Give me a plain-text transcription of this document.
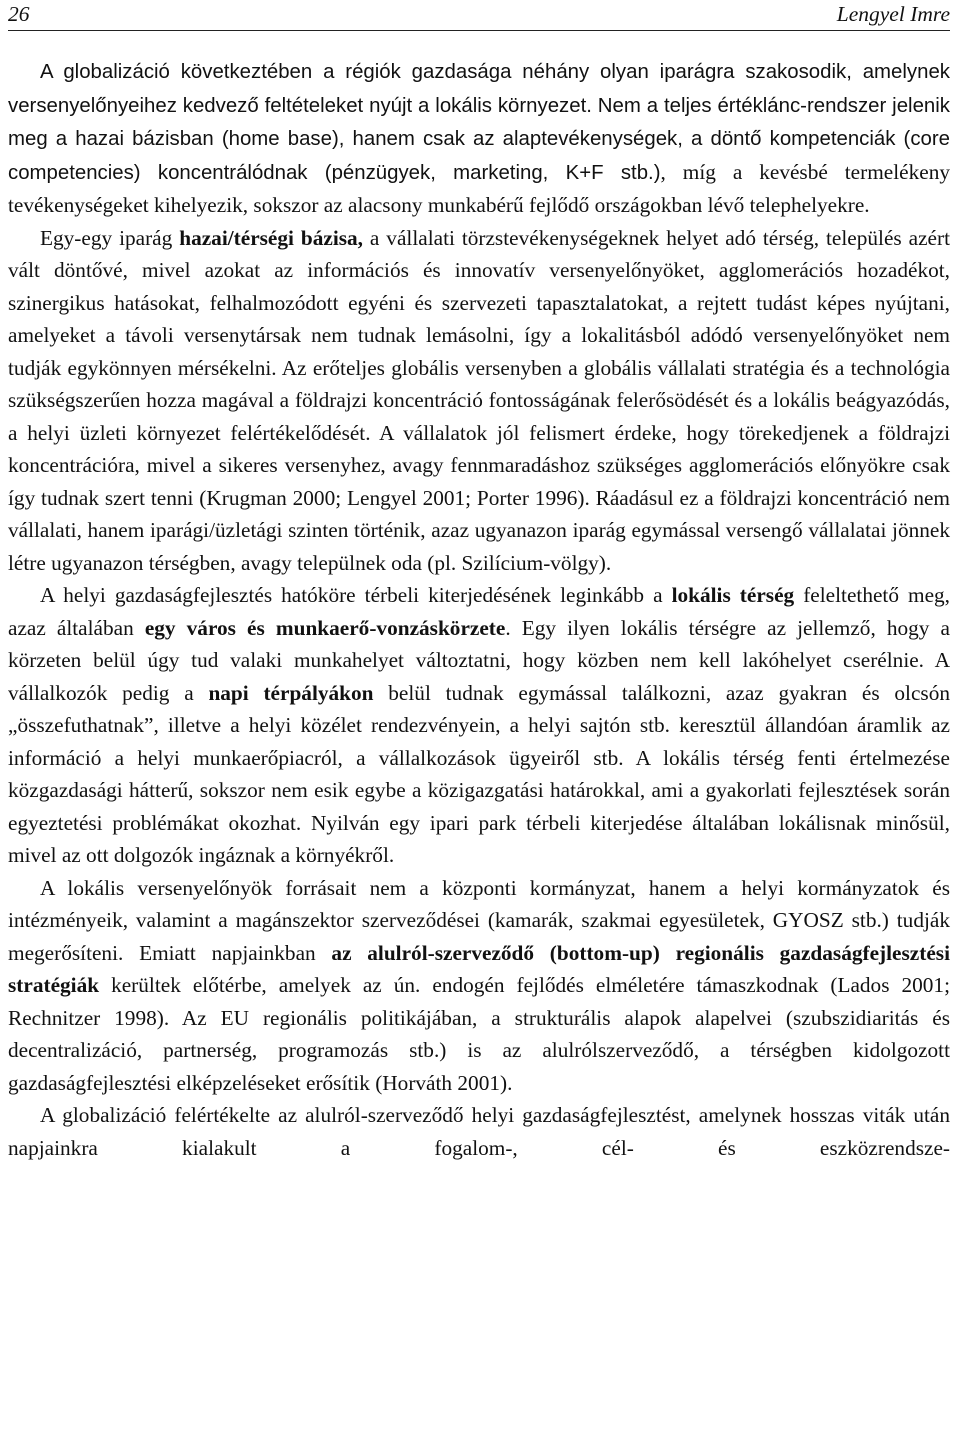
26	Lengyel Imre

A globalizáció következtében a régiók gazdasága néhány olyan iparágra szakosodik, amelynek versenyelőnyeihez kedvező feltételeket nyújt a lokális környezet. Nem a teljes értéklánc-rendszer jelenik meg a hazai bázisban (home base), hanem csak az alaptevékenységek, a döntő kompetenciák (core competencies) koncentrálódnak (pénzügyek, marketing, K+F stb.), míg a kevésbé termelékeny tevékenységeket kihelyezik, sokszor az alacsony munkabérű fejlődő országokban lévő telephelyekre.

Egy-egy iparág hazai/térségi bázisa, a vállalati törzstevékenységeknek helyet adó térség, település azért vált döntővé, mivel azokat az információs és innovatív versenyelőnyöket, agglomerációs hozadékot, szinergikus hatásokat, felhalmozódott egyéni és szervezeti tapasztalatokat, a rejtett tudást képes nyújtani, amelyeket a távoli versenytársak nem tudnak lemásolni, így a lokalitásból adódó versenyelőnyöket nem tudják egykönnyen mérsékelni. Az erőteljes globális versenyben a globális vállalati stratégia és a technológia szükségszerűen hozza magával a földrajzi koncentráció fontosságának felerősödését és a lokális beágyazódás, a helyi üzleti környezet felértékelődését. A vállalatok jól felismert érdeke, hogy törekedjenek a földrajzi koncentrációra, mivel a sikeres versenyhez, avagy fennmaradáshoz szükséges agglomerációs előnyökre csak így tudnak szert tenni (Krugman 2000; Lengyel 2001; Porter 1996). Ráadásul ez a földrajzi koncentráció nem vállalati, hanem iparági/üzletági szinten történik, azaz ugyanazon iparág egymással versengő vállalatai jönnek létre ugyanazon térségben, avagy települnek oda (pl. Szilícium-völgy).

A helyi gazdaságfejlesztés hatóköre térbeli kiterjedésének leginkább a lokális térség feleltethető meg, azaz általában egy város és munkaerő-vonzáskörzete. Egy ilyen lokális térségre az jellemző, hogy a körzeten belül úgy tud valaki munkahelyet változtatni, hogy közben nem kell lakóhelyet cserélnie. A vállalkozók pedig a napi térpályákon belül tudnak egymással találkozni, azaz gyakran és olcsón „összefuthatnak”, illetve a helyi közélet rendezvényein, a helyi sajtón stb. keresztül állandóan áramlik az információ a helyi munkaerőpiacról, a vállalkozások ügyeiről stb. A lokális térség fenti értelmezése közgazdasági hátterű, sokszor nem esik egybe a közigazgatási határokkal, ami a gyakorlati fejlesztések során egyeztetési problémákat okozhat. Nyilván egy ipari park térbeli kiterjedése általában lokálisnak minősül, mivel az ott dolgozók ingáznak a környékről.

A lokális versenyelőnyök forrásait nem a központi kormányzat, hanem a helyi kormányzatok és intézményeik, valamint a magánszektor szerveződései (kamarák, szakmai egyesületek, GYOSZ stb.) tudják megerősíteni. Emiatt napjainkban az alulról-szerveződő (bottom-up) regionális gazdaságfejlesztési stratégiák kerültek előtérbe, amelyek az ún. endogén fejlődés elméletére támaszkodnak (Lados 2001; Rechnitzer 1998). Az EU regionális politikájában, a strukturális alapok alapelvei (szubszidiaritás és decentralizáció, partnerség, programozás stb.) is az alulrólszerveződő, a térségben kidolgozott gazdaságfejlesztési elképzeléseket erősítik (Horváth 2001).

A globalizáció felértékelte az alulról-szerveződő helyi gazdaságfejlesztést, amelynek hosszas viták után napjainkra kialakult a fogalom-, cél- és eszközrendsze-
